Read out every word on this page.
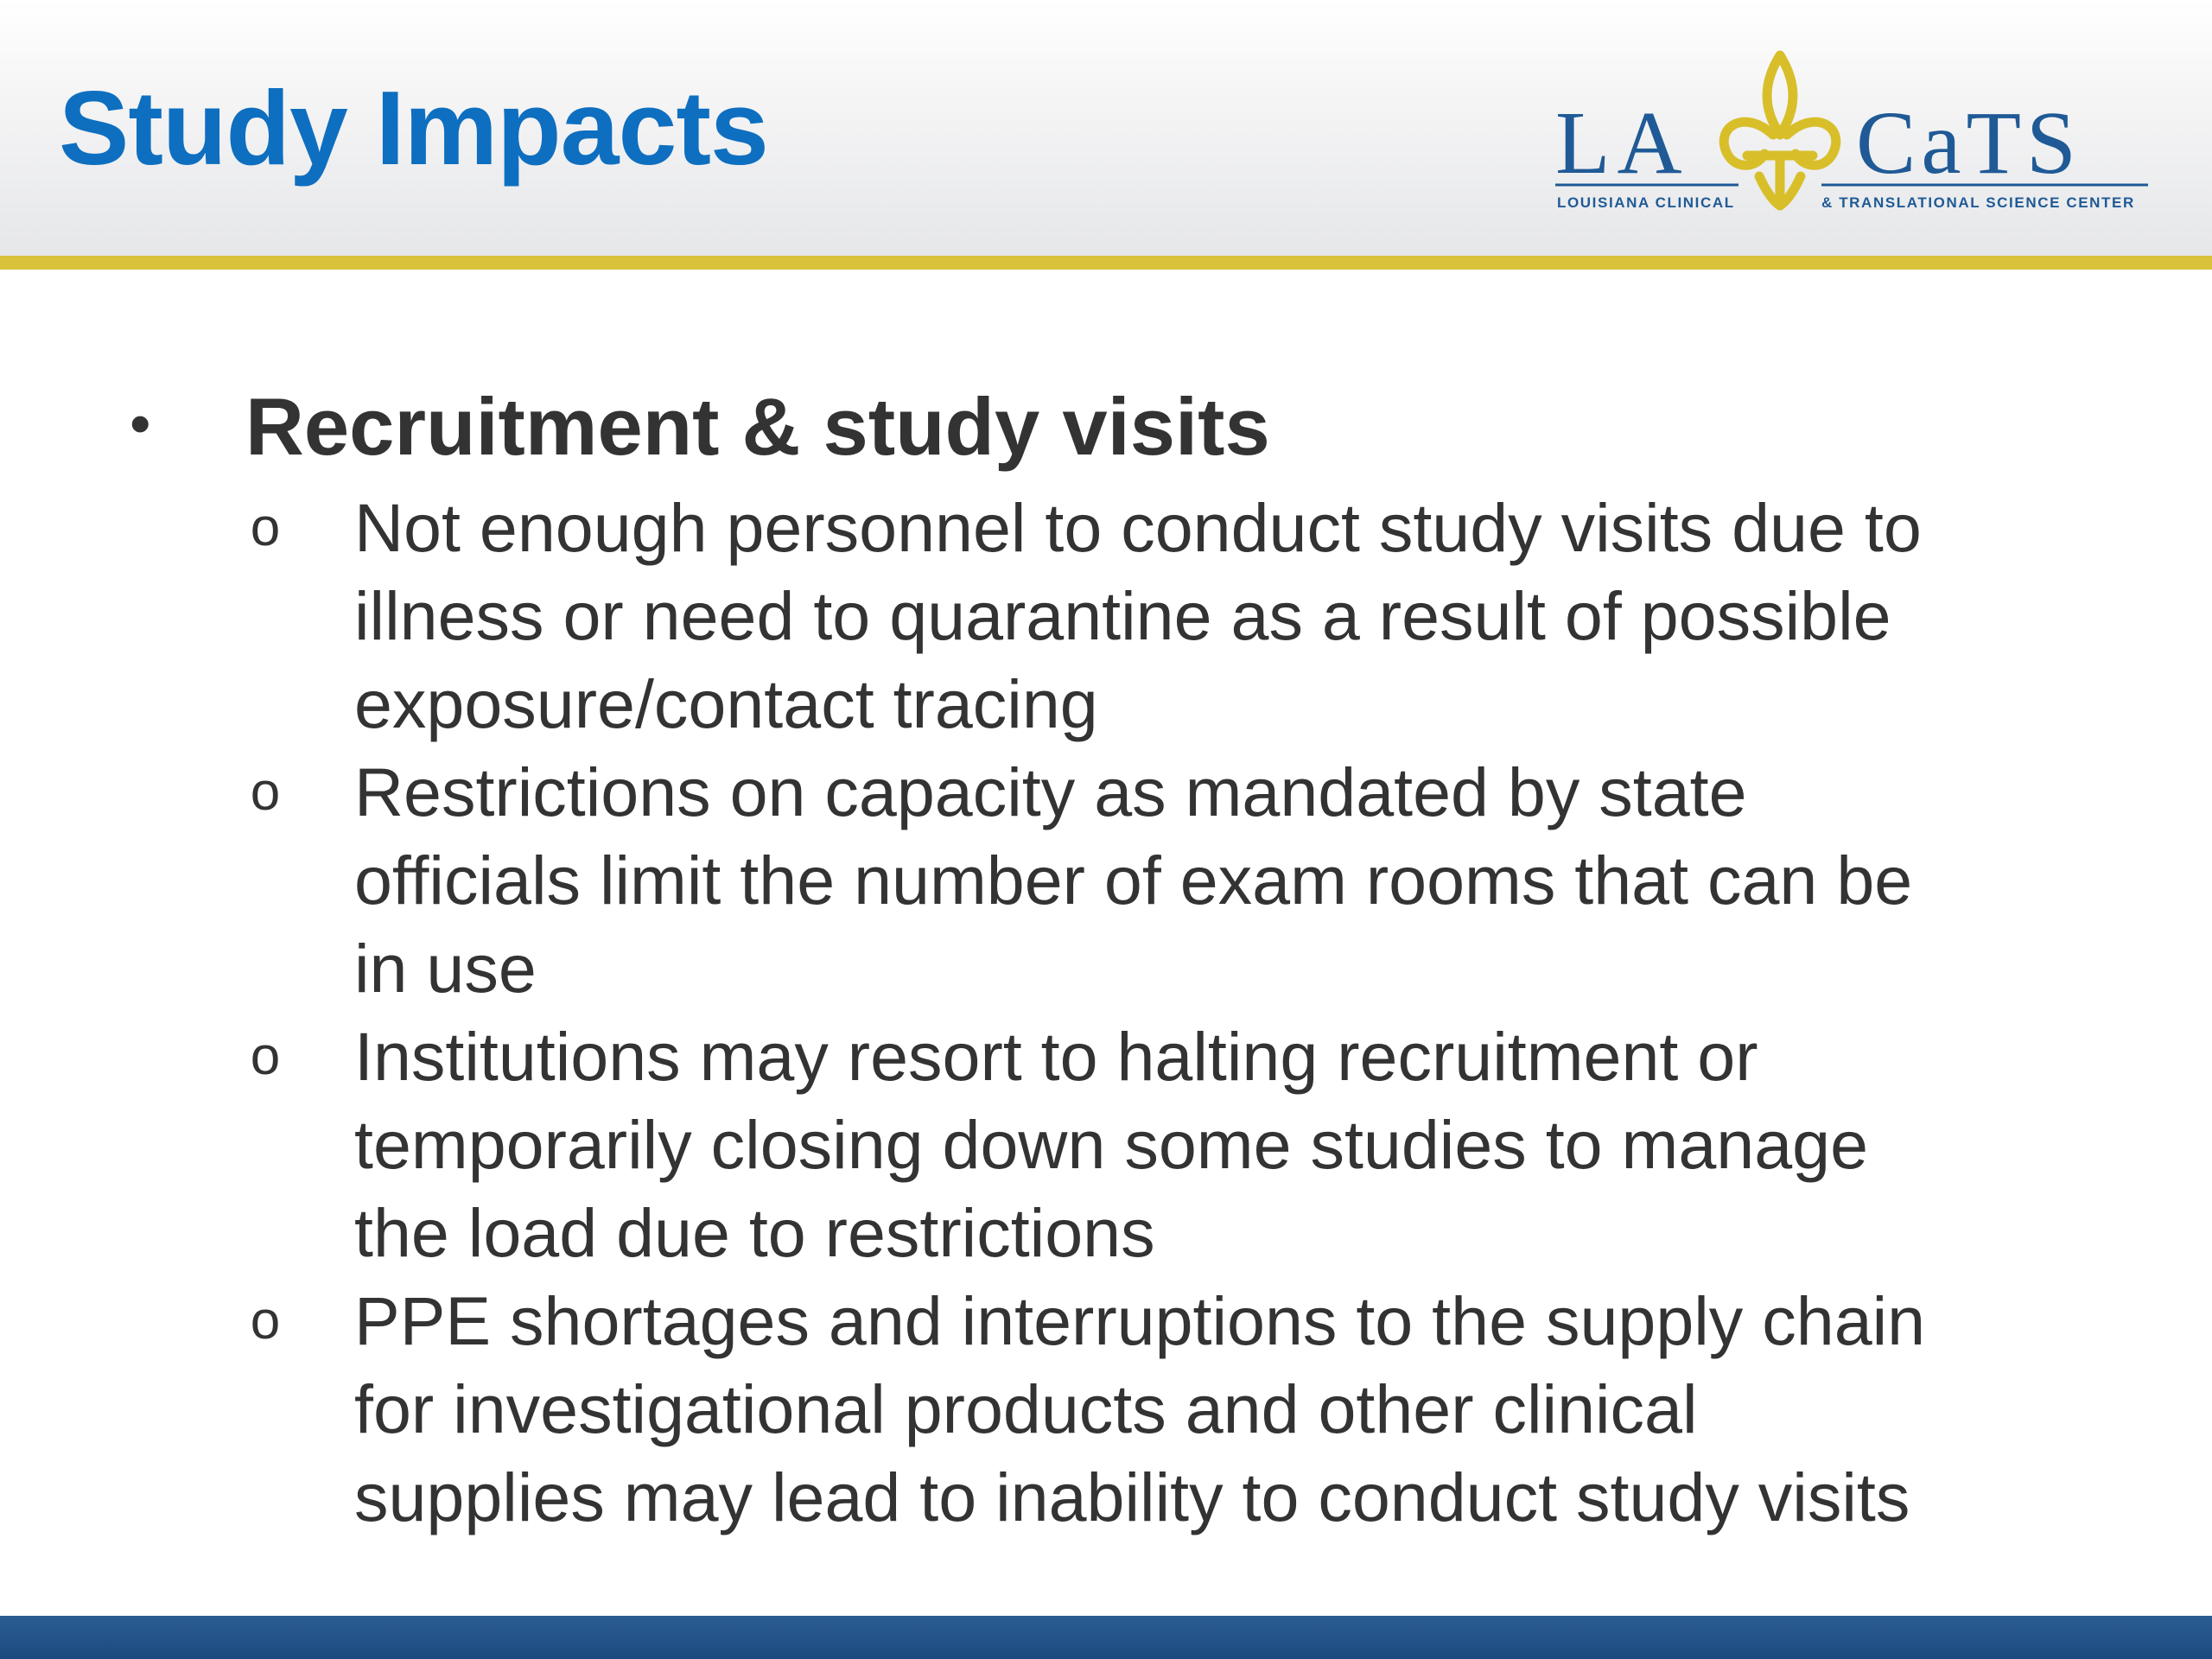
Study Impacts	LA CaTS
LOUISIANA CLINICAL	& TRANSLATIONAL SCIENCE CENTER
• Recruitment & study visits
o Not enough personnel to conduct study visits due to
illness or need to quarantine as a result of possible
exposure/contact tracing

o Restrictions on capacity as mandated by state
officials limit the number of exam rooms that can be
in use

o Institutions may resort to halting recruitment or
temporarily closing down some studies to manage
the load due to restrictions

o PPE shortages and interruptions to the supply chain
for investigational products and other clinical
supplies may lead to inability to conduct study visits
